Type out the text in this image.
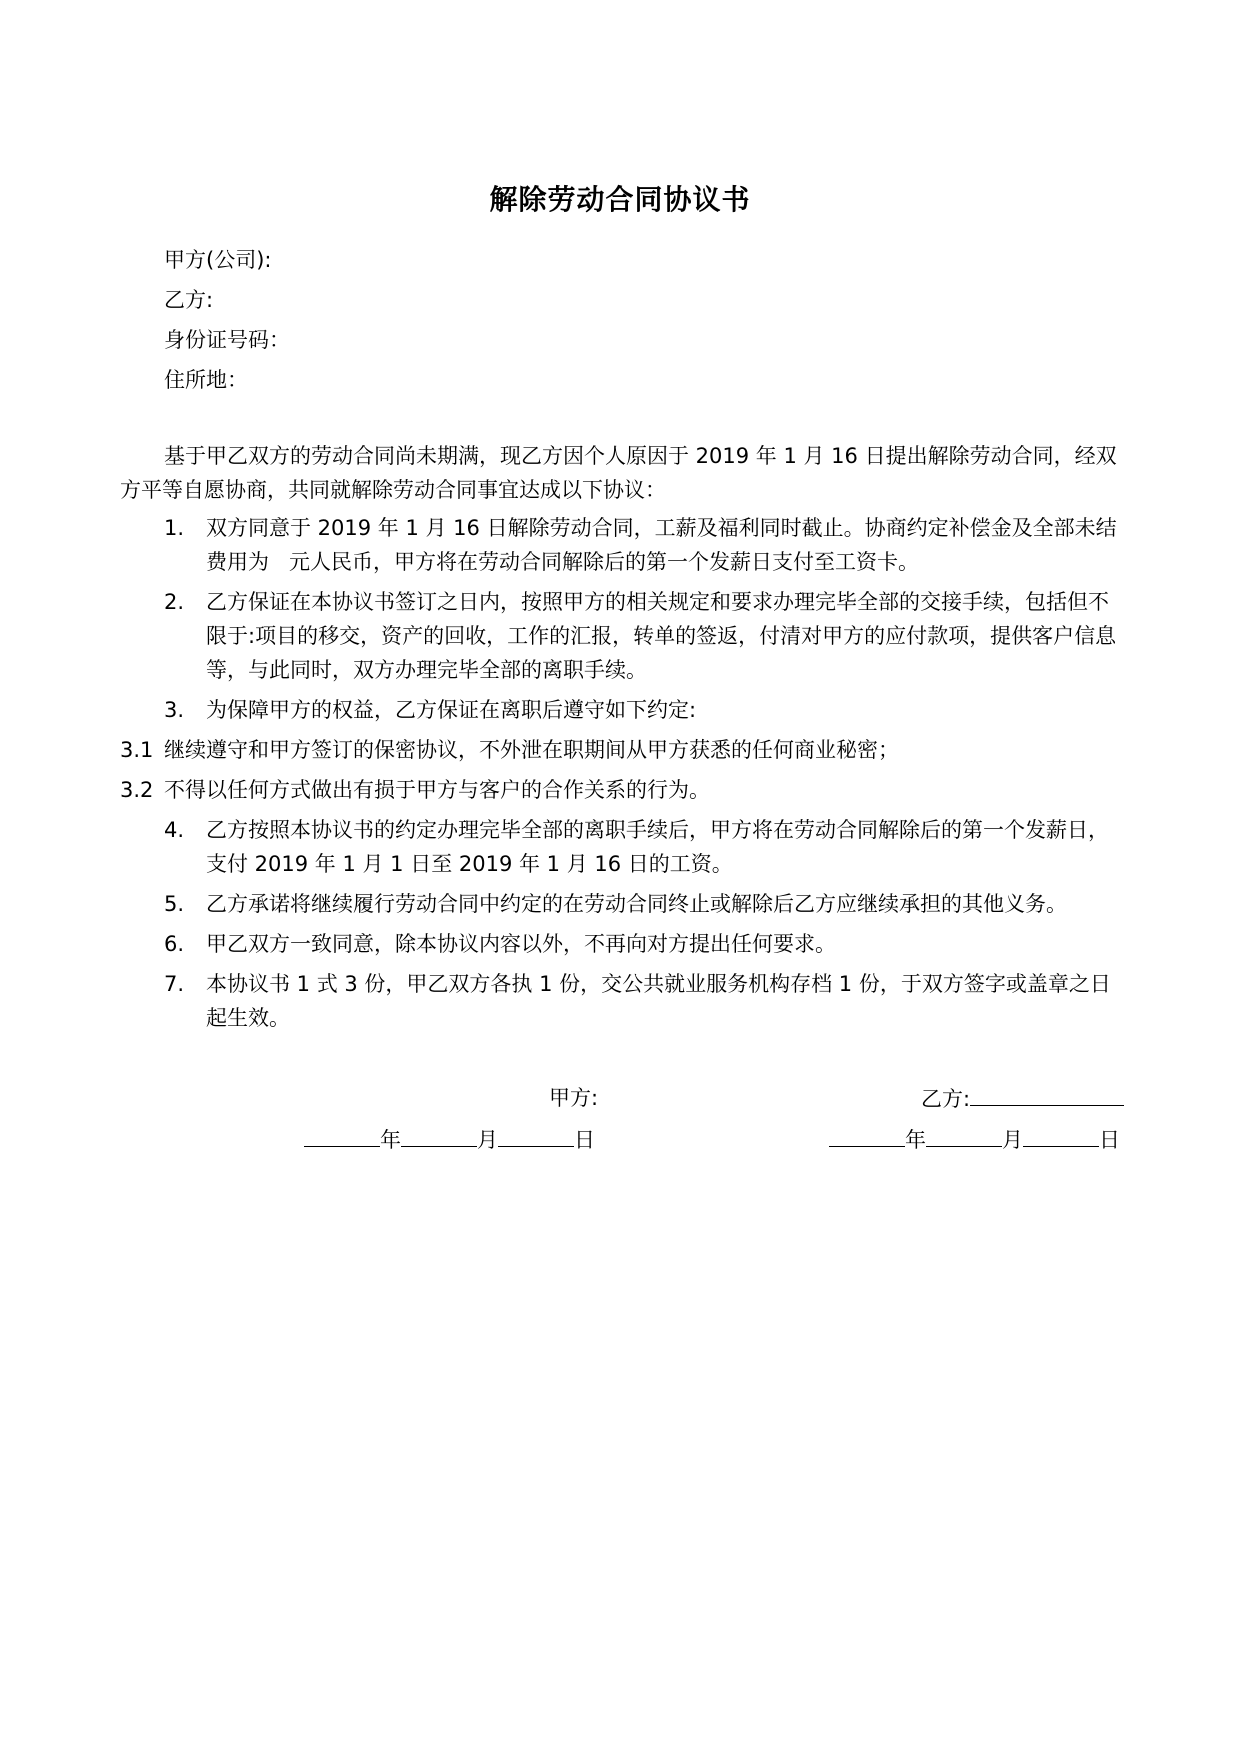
解除劳动合同协议书
甲方(公司):
乙方:
身份证号码：
住所地：

基于甲乙双方的劳动合同尚未期满，现乙方因个人原因于 2019 年 1 月 16 日提出解除劳动合同，经双方平等自愿协商，共同就解除劳动合同事宜达成以下协议：

1.	双方同意于 2019 年 1 月 16 日解除劳动合同，工薪及福利同时截止。协商约定补偿金及全部未结费用为 元人民币，甲方将在劳动合同解除后的第一个发薪日支付至工资卡。
2.	乙方保证在本协议书签订之日内，按照甲方的相关规定和要求办理完毕全部的交接手续，包括但不限于:项目的移交，资产的回收，工作的汇报，转单的签返，付清对甲方的应付款项，提供客户信息等，与此同时，双方办理完毕全部的离职手续。
3.	为保障甲方的权益，乙方保证在离职后遵守如下约定:
3.1 继续遵守和甲方签订的保密协议，不外泄在职期间从甲方获悉的任何商业秘密；
3.2 不得以任何方式做出有损于甲方与客户的合作关系的行为。
4.	乙方按照本协议书的约定办理完毕全部的离职手续后，甲方将在劳动合同解除后的第一个发薪日，支付 2019 年 1 月 1 日至 2019 年 1 月 16 日的工资。
5.	乙方承诺将继续履行劳动合同中约定的在劳动合同终止或解除后乙方应继续承担的其他义务。
6.	甲乙双方一致同意，除本协议内容以外，不再向对方提出任何要求。
7.	本协议书 1 式 3 份，甲乙双方各执 1 份，交公共就业服务机构存档 1 份，于双方签字或盖章之日起生效。
甲方:
年	月	日
乙方:
年	月	日
